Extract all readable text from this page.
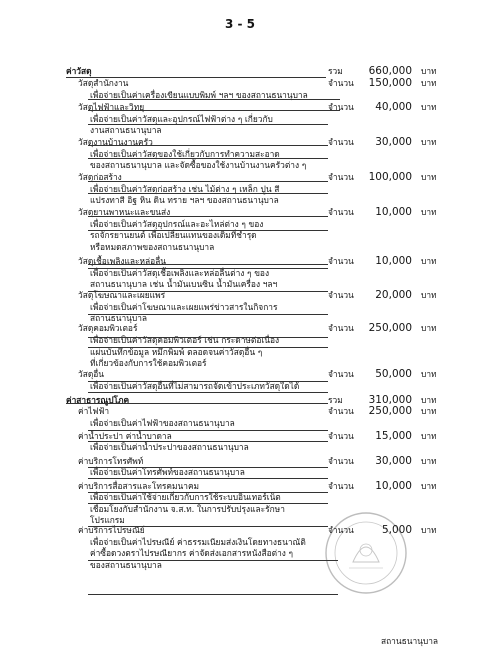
3 - 5
สถานธนานุบาล
ค่าวัสดุ	รวม 660,000 บาท
วัสดุสำนักงาน	จำนวน 150,000 บาท
เพื่อจ่ายเป็นค่าเครื่องเขียนแบบพิมพ์ ฯลฯ ของสถานธนานุบาล
วัสดุไฟฟ้าและวิทยุ	จำนวน 40,000 บาท
เพื่อจ่ายเป็นค่าวัสดุและอุปกรณ์ไฟฟ้าต่าง ๆ เกี่ยวกับ
งานสถานธนานุบาล
วัสดุงานบ้านงานครัว	จำนวน 30,000 บาท
เพื่อจ่ายเป็นค่าวัสดุของใช้เกี่ยวกับการทำความสะอาด
ของสถานธนานุบาล และจัดซื้อของใช้งานบ้านงานครัวต่าง ๆ
วัสดุก่อสร้าง	จำนวน 100,000 บาท
เพื่อจ่ายเป็นค่าวัสดุก่อสร้าง เช่น ไม้ต่าง ๆ เหล็ก ปูน สี
แปรงทาสี อิฐ หิน ดิน ทราย ฯลฯ ของสถานธนานุบาล
วัสดุยานพาหนะและขนส่ง	จำนวน 10,000 บาท
เพื่อจ่ายเป็นค่าวัสดุอุปกรณ์และอะไหล่ต่าง ๆ ของ
รถจักรยานยนต์ เพื่อเปลี่ยนแทนของเดิมที่ชำรุด
หรือหมดสภาพของสถานธนานุบาล
วัสดุเชื้อเพลิงและหล่อลื่น	จำนวน 10,000 บาท
เพื่อจ่ายเป็นค่าวัสดุเชื้อเพลิงและหล่อลื่นต่าง ๆ ของ
สถานธนานุบาล เช่น น้ำมันเบนซิน น้ำมันเครื่อง ฯลฯ
วัสดุโฆษณาและเผยแพร่	จำนวน 20,000 บาท
เพื่อจ่ายเป็นค่าโฆษณาและเผยแพร่ข่าวสารในกิจการ
สถานธนานุบาล
วัสดุคอมพิวเตอร์	จำนวน 250,000 บาท
เพื่อจ่ายเป็นค่าวัสดุคอมพิวเตอร์ เช่น กระดาษต่อเนื่อง
แผ่นบันทึกข้อมูล หมึกพิมพ์ ตลอดจนค่าวัสดุอื่น ๆ
ที่เกี่ยวข้องกับการใช้คอมพิวเตอร์
วัสดุอื่น	จำนวน 50,000 บาท
เพื่อจ่ายเป็นค่าวัสดุอื่นที่ไม่สามารถจัดเข้าประเภทวัสดุใดได้
ค่าสาธารณูปโภค	รวม 310,000 บาท
ค่าไฟฟ้า	จำนวน 250,000 บาท
เพื่อจ่ายเป็นค่าไฟฟ้าของสถานธนานุบาล
ค่าน้ำประปา ค่าน้ำบาดาล	จำนวน 15,000 บาท
เพื่อจ่ายเป็นค่าน้ำประปาของสถานธนานุบาล
ค่าบริการโทรศัพท์	จำนวน 30,000 บาท
เพื่อจ่ายเป็นค่าโทรศัพท์ของสถานธนานุบาล
ค่าบริการสื่อสารและโทรคมนาคม	จำนวน 10,000 บาท
เพื่อจ่ายเป็นค่าใช้จ่ายเกี่ยวกับการใช้ระบบอินเทอร์เน็ต
เชื่อมโยงกับสำนักงาน จ.ส.ท. ในการปรับปรุงและรักษา
โปรแกรม
ค่าบริการไปรษณีย์	จำนวน	5,000 บาท
เพื่อจ่ายเป็นค่าไปรษณีย์ ค่าธรรมเนียมส่งเงินโดยทางธนาณัติ
ค่าซื้อดวงตราไปรษณียากร ค่าจัดส่งเอกสารหนังสือต่าง ๆ
ของสถานธนานุบาล
